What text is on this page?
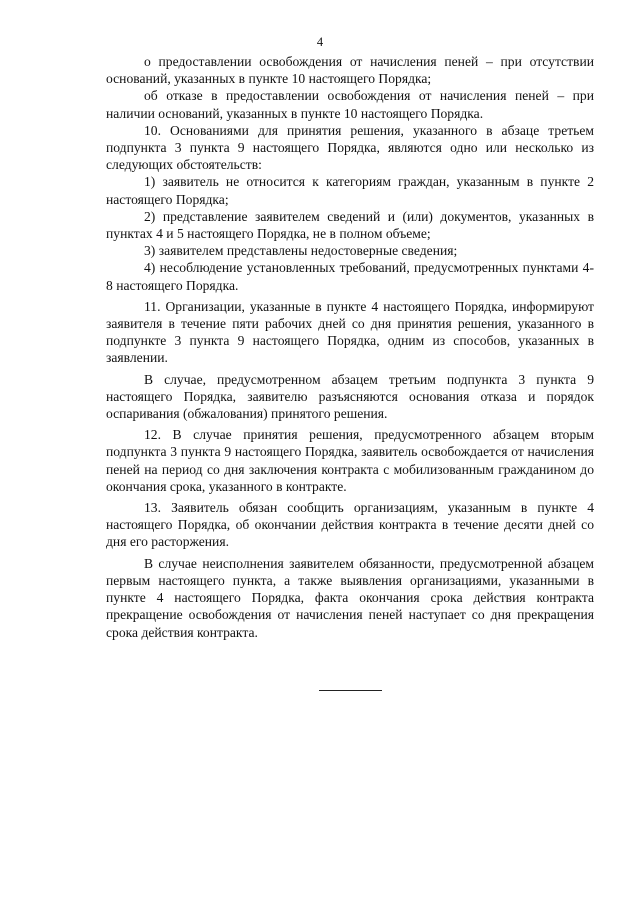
4

о предоставлении освобождения от начисления пеней – при отсутствии оснований, указанных в пункте 10 настоящего Порядка;

об отказе в предоставлении освобождения от начисления пеней – при наличии оснований, указанных в пункте 10 настоящего Порядка.

10. Основаниями для принятия решения, указанного в абзаце третьем подпункта 3 пункта 9 настоящего Порядка, являются одно или несколько из следующих обстоятельств:

1) заявитель не относится к категориям граждан, указанным в пункте 2 настоящего Порядка;

2) представление заявителем сведений и (или) документов, указанных в пунктах 4 и 5 настоящего Порядка, не в полном объеме;

3) заявителем представлены недостоверные сведения;

4) несоблюдение установленных требований, предусмотренных пунктами 4-8 настоящего Порядка.

11. Организации, указанные в пункте 4 настоящего Порядка, информируют заявителя в течение пяти рабочих дней со дня принятия решения, указанного в подпункте 3 пункта 9 настоящего Порядка, одним из способов, указанных в заявлении.

В случае, предусмотренном абзацем третьим подпункта 3 пункта 9 настоящего Порядка, заявителю разъясняются основания отказа и порядок оспаривания (обжалования) принятого решения.

12. В случае принятия решения, предусмотренного абзацем вторым подпункта 3 пункта 9 настоящего Порядка, заявитель освобождается от начисления пеней на период со дня заключения контракта с мобилизованным гражданином до окончания срока, указанного в контракте.

13. Заявитель обязан сообщить организациям, указанным в пункте 4 настоящего Порядка, об окончании действия контракта в течение десяти дней со дня его расторжения.

В случае неисполнения заявителем обязанности, предусмотренной абзацем первым настоящего пункта, а также выявления организациями, указанными в пункте 4 настоящего Порядка, факта окончания срока действия контракта прекращение освобождения от начисления пеней наступает со дня прекращения срока действия контракта.
